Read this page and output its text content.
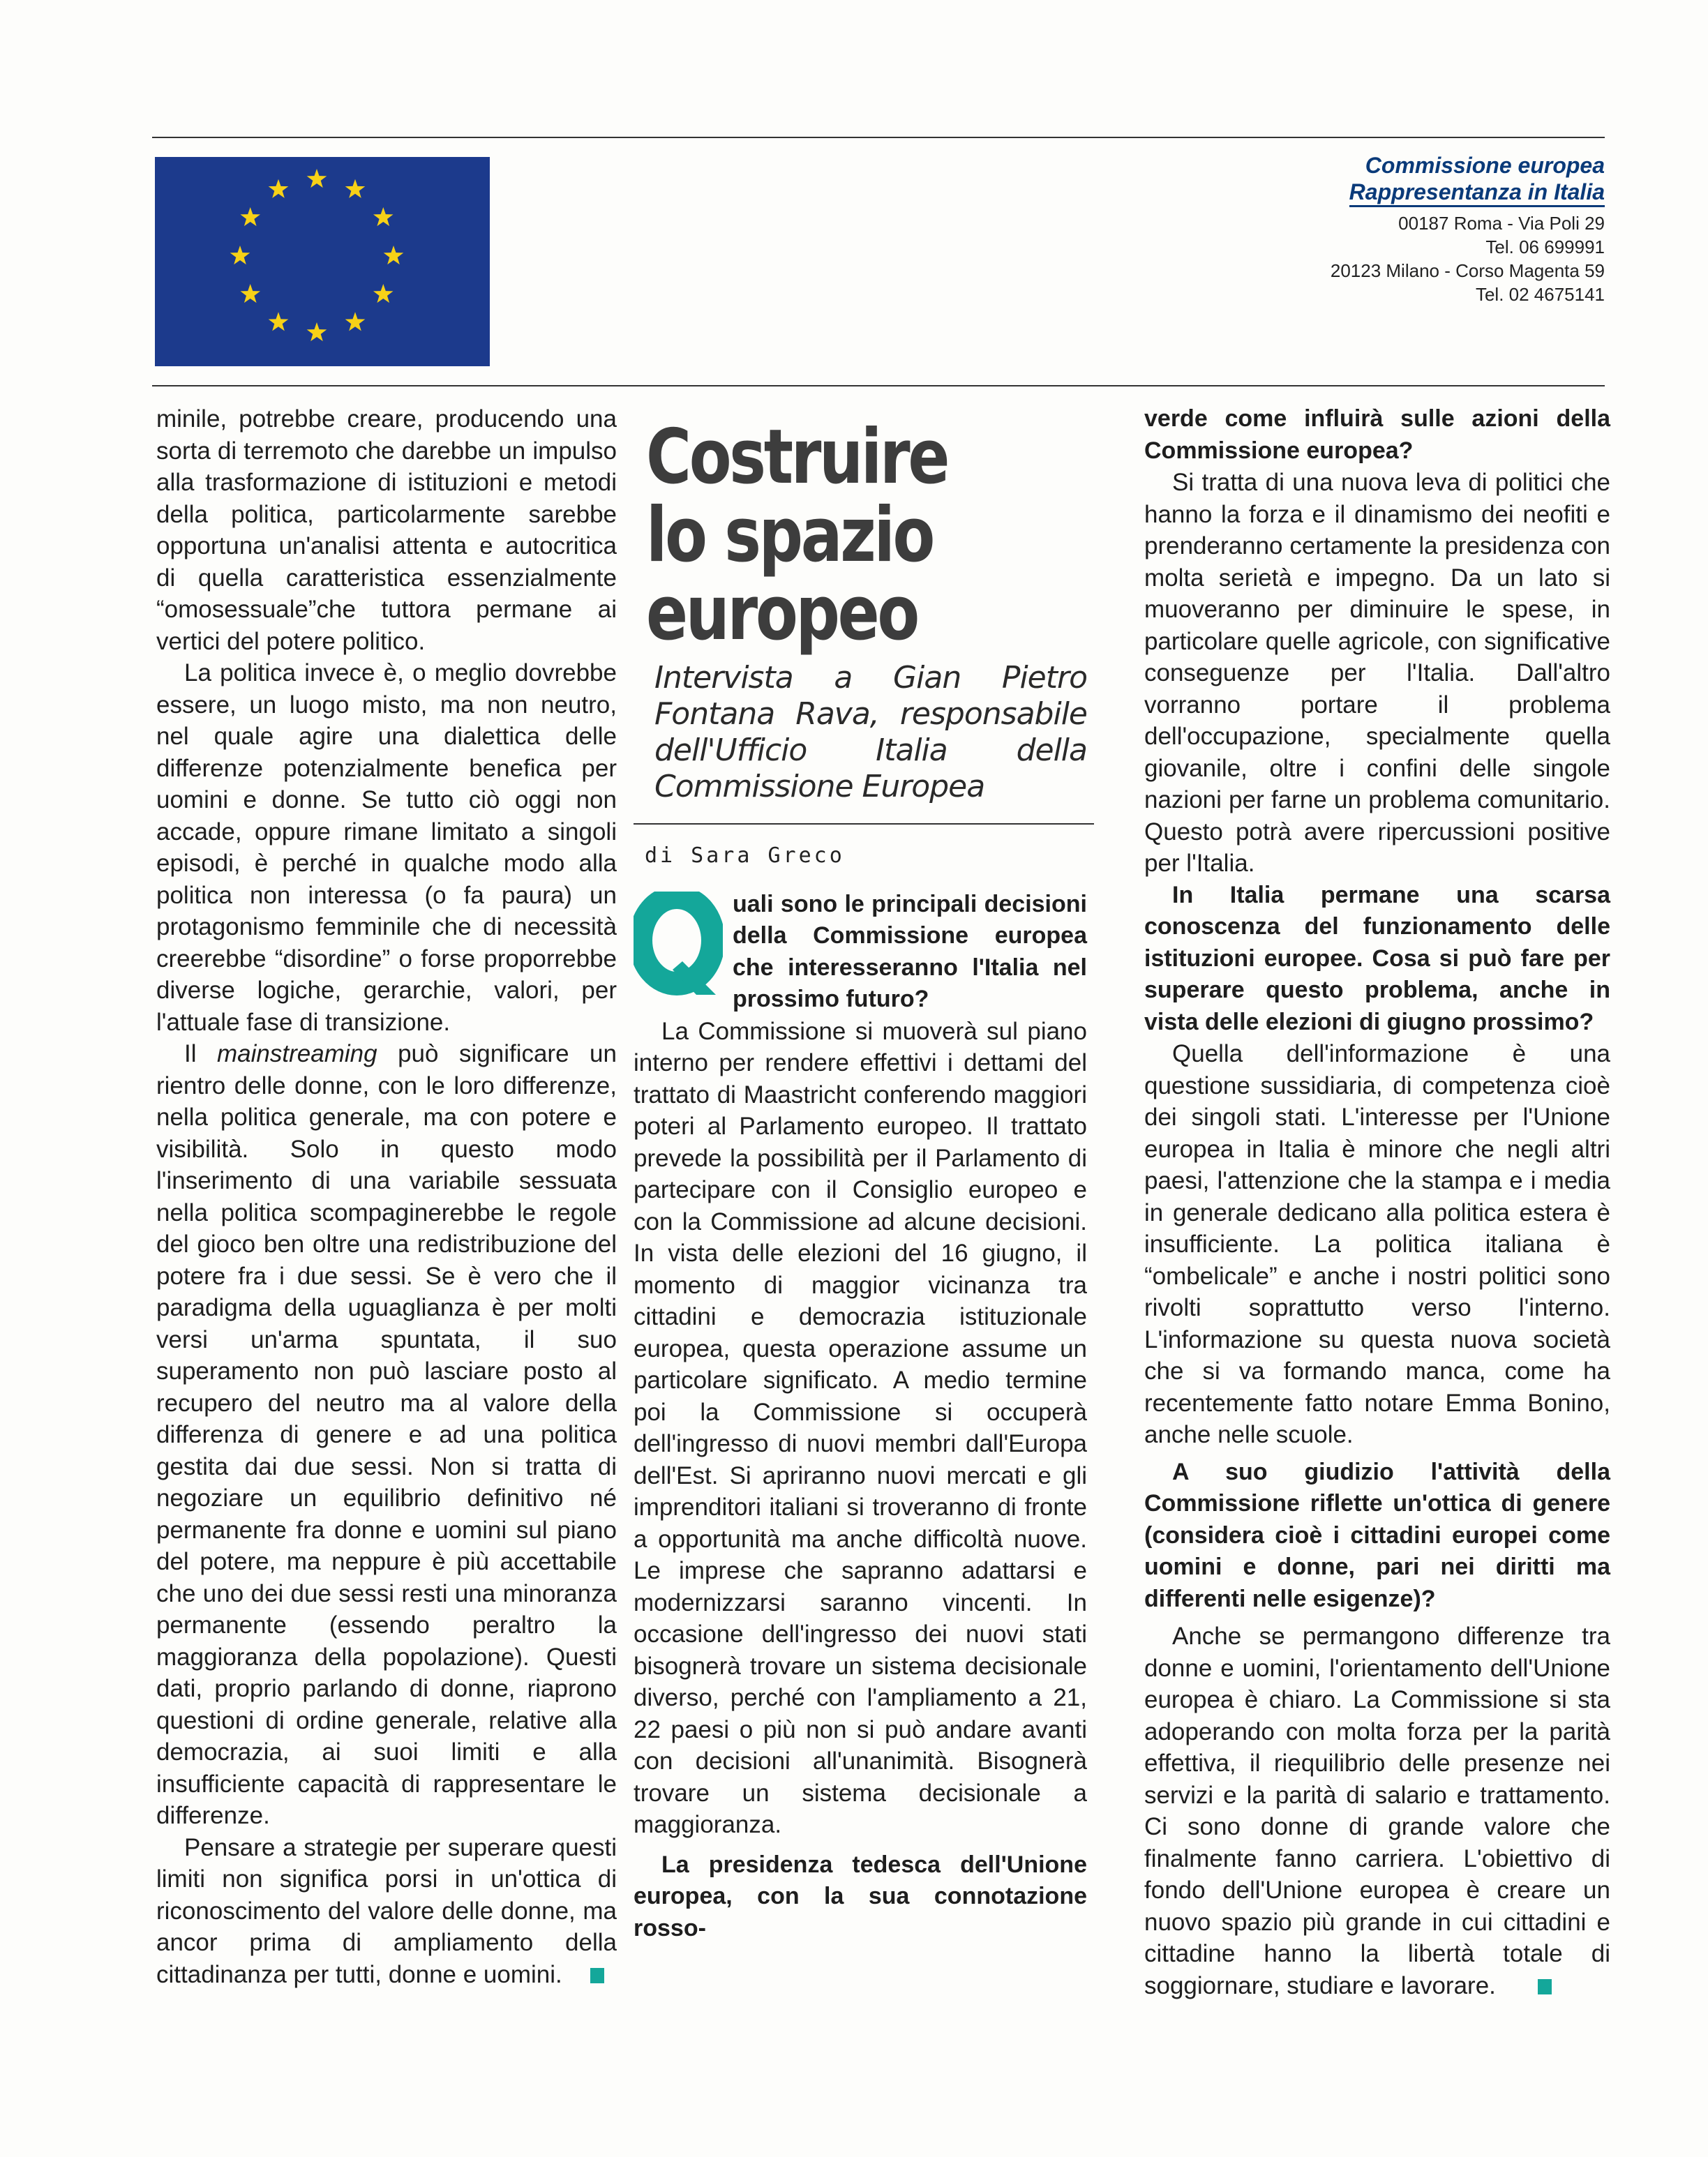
Commissione europea
Rappresentanza in Italia
00187 Roma - Via Poli 29
Tel. 06 699991
20123 Milano - Corso Magenta 59
Tel. 02 4675141

minile, potrebbe creare, producendo una sorta di terremoto che darebbe un impulso alla trasformazione di istituzioni e metodi della politica, particolarmente sarebbe opportuna un'analisi attenta e autocritica di quella caratteristica essenzialmente “omosessuale”che tuttora permane ai vertici del potere politico.

La politica invece è, o meglio dovrebbe essere, un luogo misto, ma non neutro, nel quale agire una dialettica delle differenze potenzialmente benefica per uomini e donne. Se tutto ciò oggi non accade, oppure rimane limitato a singoli episodi, è perché in qualche modo alla politica non interessa (o fa paura) un protagonismo femminile che di necessità creerebbe “disordine” o forse proporrebbe diverse logiche, gerarchie, valori, per l'attuale fase di transizione.

Il mainstreaming può significare un rientro delle donne, con le loro differenze, nella politica generale, ma con potere e visibilità. Solo in questo modo l'inserimento di una variabile sessuata nella politica scompaginerebbe le regole del gioco ben oltre una redistribuzione del potere fra i due sessi. Se è vero che il paradigma della uguaglianza è per molti versi un'arma spuntata, il suo superamento non può lasciare posto al recupero del neutro ma al valore della differenza di genere e ad una politica gestita dai due sessi. Non si tratta di negoziare un equilibrio definitivo né permanente fra donne e uomini sul piano del potere, ma neppure è più accettabile che uno dei due sessi resti una minoranza permanente (essendo peraltro la maggioranza della popolazione). Questi dati, proprio parlando di donne, riaprono questioni di ordine generale, relative alla democrazia, ai suoi limiti e alla insufficiente capacità di rappresentare le differenze.

Pensare a strategie per superare questi limiti non significa porsi in un'ottica di riconoscimento del valore delle donne, ma ancor prima di ampliamento della cittadinanza per tutti, donne e uomini.

Costruire
lo spazio
europeo
Intervista a Gian Pietro Fontana Rava, responsabile dell'Ufficio Italia della Commissione Europea
di Sara Greco

uali sono le principali decisioni della Commissione europea che interesseranno l'Italia nel prossimo futuro?

La Commissione si muoverà sul piano interno per rendere effettivi i dettami del trattato di Maastricht conferendo maggiori poteri al Parlamento europeo. Il trattato prevede la possibilità per il Parlamento di partecipare con il Consiglio europeo e con la Commissione ad alcune decisioni. In vista delle elezioni del 16 giugno, il momento di maggior vicinanza tra cittadini e democrazia istituzionale europea, questa operazione assume un particolare significato. A medio termine poi la Commissione si occuperà dell'ingresso di nuovi membri dall'Europa dell'Est. Si apriranno nuovi mercati e gli imprenditori italiani si troveranno di fronte a opportunità ma anche difficoltà nuove. Le imprese che sapranno adattarsi e modernizzarsi saranno vincenti. In occasione dell'ingresso dei nuovi stati bisognerà trovare un sistema decisionale diverso, perché con l'ampliamento a 21, 22 paesi o più non si può andare avanti con decisioni all'unanimità. Bisognerà trovare un sistema decisionale a maggioranza.

La presidenza tedesca dell'Unione europea, con la sua connotazione rosso-

verde come influirà sulle azioni della Commissione europea?

Si tratta di una nuova leva di politici che hanno la forza e il dinamismo dei neofiti e prenderanno certamente la presidenza con molta serietà e impegno. Da un lato si muoveranno per diminuire le spese, in particolare quelle agricole, con significative conseguenze per l'Italia. Dall'altro vorranno portare il problema dell'occupazione, specialmente quella giovanile, oltre i confini delle singole nazioni per farne un problema comunitario. Questo potrà avere ripercussioni positive per l'Italia.

In Italia permane una scarsa conoscenza del funzionamento delle istituzioni europee. Cosa si può fare per superare questo problema, anche in vista delle elezioni di giugno prossimo?

Quella dell'informazione è una questione sussidiaria, di competenza cioè dei singoli stati. L'interesse per l'Unione europea in Italia è minore che negli altri paesi, l'attenzione che la stampa e i media in generale dedicano alla politica estera è insufficiente. La politica italiana è “ombelicale” e anche i nostri politici sono rivolti soprattutto verso l'interno. L'informazione su questa nuova società che si va formando manca, come ha recentemente fatto notare Emma Bonino, anche nelle scuole.

A suo giudizio l'attività della Commissione riflette un'ottica di genere (considera cioè i cittadini europei come uomini e donne, pari nei diritti ma differenti nelle esigenze)?

Anche se permangono differenze tra donne e uomini, l'orientamento dell'Unione europea è chiaro. La Commissione si sta adoperando con molta forza per la parità effettiva, il riequilibrio delle presenze nei servizi e la parità di salario e trattamento. Ci sono donne di grande valore che finalmente fanno carriera. L'obiettivo di fondo dell'Unione europea è creare un nuovo spazio più grande in cui cittadini e cittadine hanno la libertà totale di soggiornare, studiare e lavorare.
